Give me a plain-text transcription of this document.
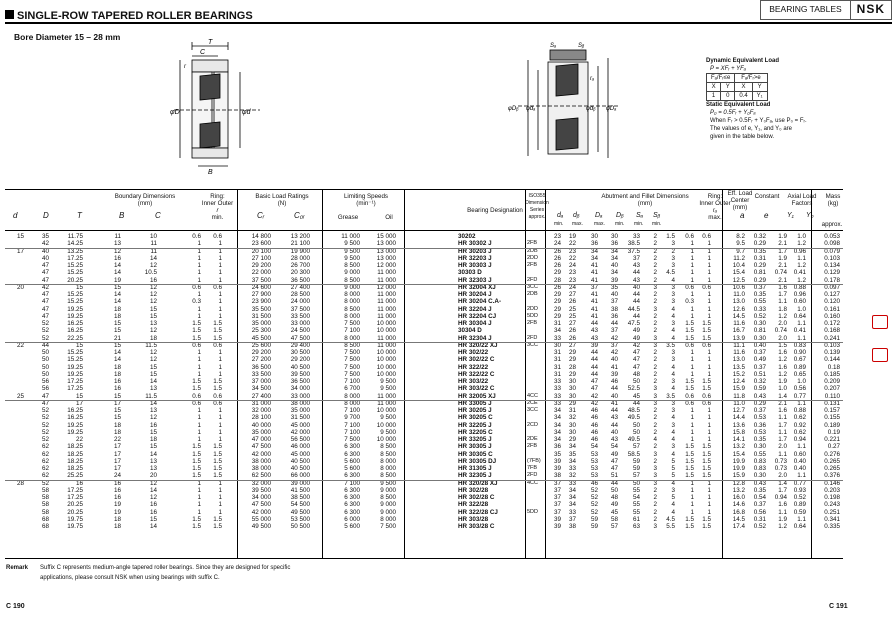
BEARING TABLES	NSK
SINGLE-ROW TAPERED ROLLER BEARINGS
Bore Diameter 15 – 28 mm
T
C
r
φD	φd
B
Sₐ	Sᵦ
φDᵦ φdₐ	φdᵦ φDₐ
rₐ
Dynamic Equivalent Load
P = XFᵣ + YFₐ
Fₐ/Fᵣ≤e		Fₐ/Fᵣ>e	
X	Y	X	Y
1	0	0.4	Y₁
Static Equivalent Load
P₀ = 0.5Fᵣ + Y₀Fₐ
When Fᵣ > 0.5Fᵣ + Y₀Fₐ, use P₀ = Fᵣ.
The values of e, Y₁, and Y₀ are
given in the table below.
Boundary Dimensions
(mm)
Ring:
Inner Outer
r
min.
Basic Load Ratings
(N)
Limiting Speeds
(min⁻¹)
Grease	Oil
Bearing Designation
ISO355
Dimension
Series
approx.
Abutment and Fillet Dimensions
(mm)
Ring:
Inner Outer
rₐ
max.
Eff. Load
Center
(mm)
Constant	Axial Load
Factors
Mass
(kg)
approx.
d	D	T	B	C	Cᵣ	C₀ᵣ	dₐ dᵦ Dₐ Dᵦ Sₐ Sᵦ	a e	Y₁ Y₀
min. max. max. min. min. min.
15	35	11.75	11	10	0.6 0.6	14 800	13 200	11 000	15 000	30202	23 19 30 30 33 2 1.5 0.6 0.6	8.2 0.32 1.9 1.0	0.053
42	14.25	13	11	1	1	23 600	21 100	9 500	13 000	HR 30302 J	2FB	24 22 36 36 38.5 2 3 1 1	9.5 0.29 2.1 1.2	0.098
17	40	13.25	12	11	1	1	20 100	19 900	9 500	13 000	HR 30203 J	2DB	26 23 34 34 37.5 2 2 1 1	9.7 0.35 1.7 0.96	0.079
40	17.25	16	14	1	1	27 100	28 000	9 500	13 000	HR 32203 J	2DD	26 22 34 34 37 2 3 1 1	11.2 0.31 1.9 1.1	0.103
47	15.25	14	12	1	1	29 200	26 700	8 500	12 000	HR 30303 J	2FB	26 24 41 40 43 2 3 1 1	10.4 0.29 2.1 1.2	0.134
47	15.25	14	10.5	1	1	22 000	20 300	9 000	11 000	30303 D	29 23 41 34 44 2 4.5 1 1	15.4 0.81 0.74 0.41	0.129
47	20.25	19	16	1	1	37 500	36 500	8 500	11 000	HR 32303 J	2FD	28 23 41 39 43 2 4 1 1	12.5 0.29 2.1 1.2	0.178
20	42	15	15	12	0.6 0.6	24 600	27 400	9 000	12 000	HR 32004 XJ	3CC	26 24 37 35 40 3 3 0.6 0.6	10.6 0.37 1.6 0.88	0.097
47	15.25	14	12	1	1	27 900	28 500	8 000	11 000	HR 30204 J	2DB	29 27 41 40 44 2 3 1 1	11.0 0.35 1.7 0.96	0.127
47	15.25	14	12	0.3	1	23 900	24 000	8 000	11 000	HR 30204 C.A-	29 26 41 37 44 2 3 0.3 1	13.0 0.55 1.1 0.60	0.120
47	19.25	18	15	1	1	35 500	37 500	8 500	11 000	HR 32204 J	2DD	29 25 41 38 44.5 3 4 1 1	12.6 0.33 1.8 1.0	0.161
47	19.25	18	15	1	1	31 500	33 500	8 000	11 000	HR 32204 CJ	5DD	29 25 41 36 44 2 4 1 1	14.5 0.52 1.2 0.64	0.160
52	16.25	15	13	1.5 1.5	35 000	33 000	7 500	10 000	HR 30304 J	2FB	31 27 44 44 47.5 2 3 1.5 1.5	11.6 0.30 2.0 1.1	0.172
52	16.25	15	12	1.5 1.5	25 300	24 500	7 100	10 000	30304 D	34 26 43 37 49 2 4 1.5 1.5	16.7 0.81 0.74 0.41	0.168
52	22.25	21	18	1.5 1.5	45 500	47 500	8 000	11 000	HR 32304 J	2FD	33 26 43 42 49 3 4 1.5 1.5	13.9 0.30 2.0 1.1	0.241
22	44	15	15	11.5	0.6 0.6	25 600	29 400	8 500	11 000	HR 320/22 XJ	3CC	30 27 39 37 42 3 3.5 0.6 0.6	11.1 0.40 1.5 0.83	0.103
50	15.25	14	12	1	1	29 200	30 500	7 500	10 000	HR 302/22	31 29 44 42 47 2 3 1 1	11.6 0.37 1.6 0.90	0.139
50	15.25	14	12	1	1	27 200	29 200	7 500	10 000	HR 302/22 C	31 29 44 40 47 2 3 1 1	13.0 0.49 1.2 0.67	0.144
50	19.25	18	15	1	1	36 500	40 500	7 500	10 000	HR 322/22	31 28 44 41 47 2 4 1 1	13.5 0.37 1.6 0.89	0.18
50	19.25	18	15	1	1	33 500	39 500	7 500	10 000	HR 322/22 C	31 29 44 39 48 2 4 1 1	15.2 0.51 1.2 0.65	0.185
56	17.25	16	14	1.5 1.5	37 000	36 500	7 100	9 500	HR 303/22	33 30 47 46 50 2 3 1.5 1.5	12.4 0.32 1.9 1.0	0.209
56	17.25	16	13	1.5 1.5	34 500	34 000	6 700	9 500	HR 303/22 C	33 30 47 44 52.5 3 4 1.5 1.5	15.9 0.59 1.0 0.56	0.207
25	47	15	15	11.5	0.6 0.6	27 400	33 000	8 000	11 000	HR 32005 XJ	4CC	33 30 42 40 45 3 3.5 0.6 0.6	11.8 0.43 1.4 0.77	0.110
47	17	17	14	0.6 0.6	31 000	38 000	8 000	11 000	HR 33005 J	2CE	33 29 42 41 44 3 3 0.6 0.6	11.0 0.29 2.1 1.1	0.131
52	16.25	15	13	1	1	32 000	35 000	7 100	10 000	HR 30205 J	3CC	34 31 46 44 48.5 2 3 1 1	12.7 0.37 1.6 0.88	0.157
52	16.25	15	12	1	1	28 100	31 500	9 700	9 500	HR 30205 C	34 32 46 43 49.5 2 4 1 1	14.4 0.53 1.1 0.62	0.155
52	19.25	18	16	1	1	40 000	45 000	7 100	10 000	HR 32205 J	2CD	34 30 46 44 50 2 3 1 1	13.6 0.36 1.7 0.92	0.189
52	19.25	18	15	1	1	35 000	42 000	7 100	9 500	HR 32205 C	34 30 46 40 50 2 4 1 1	15.8 0.53 1.1 0.62	0.19
52	22	22	18	1	1	47 000	56 500	7 500	10 000	HR 33205 J	2DE	34 29 46 43 49.5 4 4 1 1	14.1 0.35 1.7 0.94	0.221
62	18.25	17	15	1.5 1.5	47 500	46 000	6 300	8 500	HR 30305 J	2FB	36 34 54 54 57 2 3 1.5 1.5	13.2 0.30 2.0 1.1	0.27
62	18.25	17	14	1.5 1.5	42 000	45 000	6 300	8 500	HR 30305 C	35 35 53 49 58.5 3 4 1.5 1.5	15.4 0.55 1.1 0.60	0.276
62	18.25	17	13	1.5 1.5	38 000	40 500	5 600	8 000	HR 30305 DJ	(7FB) 39 34 53 47 59 2 5 1.5 1.5	19.9 0.83 0.73 0.40	0.265
62	18.25	17	13	1.5 1.5	38 000	40 500	5 600	8 000	HR 31305 J	7FB	39 33 53 47 59 3 5 1.5 1.5	19.9 0.83 0.73 0.40	0.265
62	25.25	24	20	1.5 1.5	62 500	66 000	6 300	8 500	HR 32305 J	2FD	38 32 53 51 57 3 5 1.5 1.5	15.9 0.30 2.0 1.1	0.376
28	52	16	16	12	1	1	32 000	39 000	7 100	9 500	HR 320/28 XJ	4CC	37 33 46 44 50 3 4 1 1	12.8 0.43 1.4 0.77	0.146
58	17.25	16	14	1	1	39 500	41 500	6 300	9 000	HR 302/28	37 34 52 50 55 2 3 1 1	13.2 0.35 1.7 0.93	0.203
58	17.25	16	12	1	1	34 000	38 500	6 300	8 500	HR 302/28 C	37 34 52 48 54 2 5 1 1	16.0 0.54 0.94 0.52	0.198
58	20.25	19	16	1	1	47 500	54 500	6 300	9 000	HR 322/28	37 34 52 49 55 2 4 1 1	14.6 0.37 1.6 0.89	0.243
58	20.25	19	16	1	1	42 000	49 500	6 300	9 000	HR 322/28 CJ	5DD	37 33 52 45 55 2 4 1 1	16.8 0.56 1.1 0.59	0.251
68	19.75	18	15	1.5 1.5	55 000	53 500	6 000	8 000	HR 303/28	39 37 59 58 61 2 4.5 1.5 1.5	14.5 0.31 1.9 1.1	0.341
68	19.75	18	14	1.5 1.5	49 500	50 500	5 600	7 500	HR 303/28 C	39 38 59 57 63 3 5.5 1.5 1.5	17.4 0.52 1.2 0.64	0.335
Remark Suffix C represents medium-angle tapered roller bearings. Since they are designed for specific
applications, please consult NSK when using bearings with suffix C.
C 190	C 191
